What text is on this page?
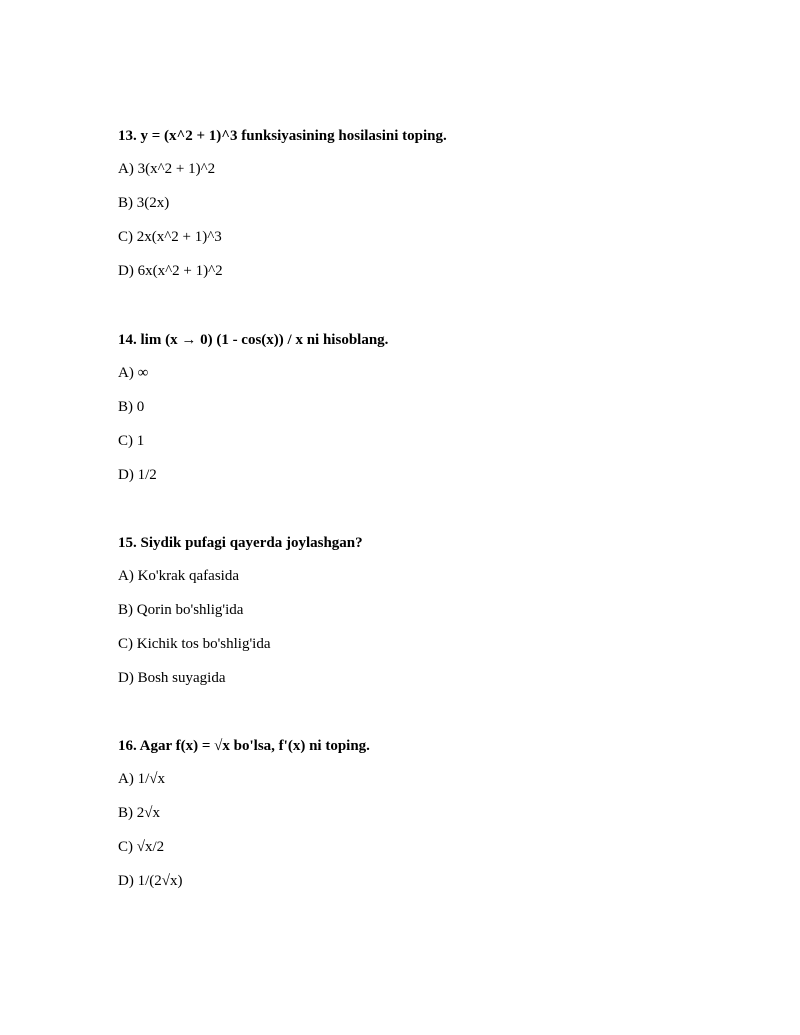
13. y = (x^2 + 1)^3 funksiyasining hosilasini toping.
A) 3(x^2 + 1)^2
B) 3(2x)
C) 2x(x^2 + 1)^3
D) 6x(x^2 + 1)^2
14. lim (x → 0) (1 - cos(x)) / x ni hisoblang.
A) ∞
B) 0
C) 1
D) 1/2
15. Siydik pufagi qayerda joylashgan?
A) Ko'krak qafasida
B) Qorin bo'shlig'ida
C) Kichik tos bo'shlig'ida
D) Bosh suyagida
16. Agar f(x) = √x bo'lsa, f'(x) ni toping.
A) 1/√x
B) 2√x
C) √x/2
D) 1/(2√x)
